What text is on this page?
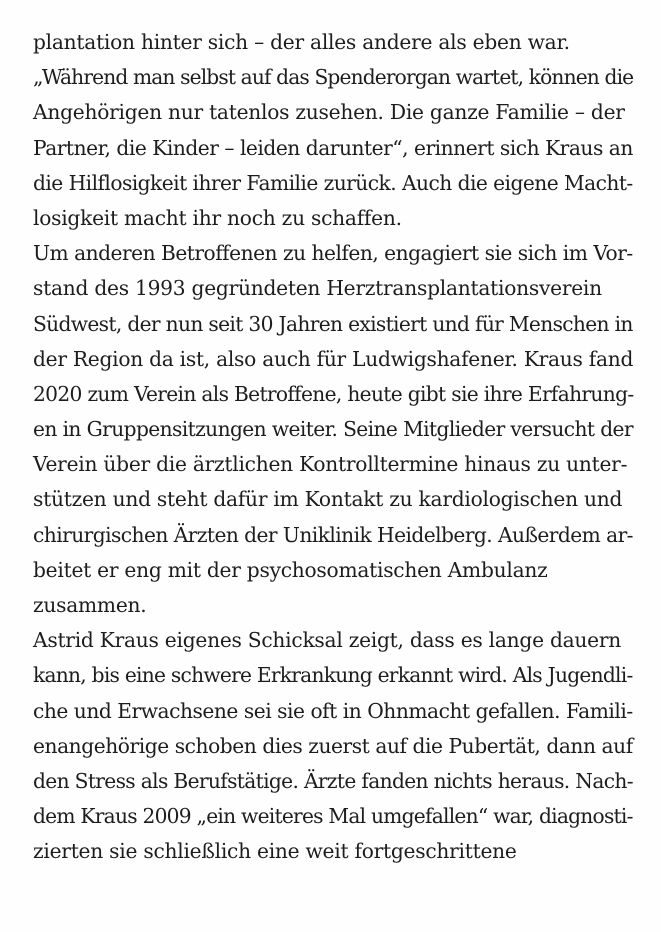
plantation hinter sich – der alles andere als eben war.
„Während man selbst auf das Spenderorgan wartet, können die
Angehörigen nur tatenlos zusehen. Die ganze Familie – der
Partner, die Kinder – leiden darunter“, erinnert sich Kraus an
die Hilflosigkeit ihrer Familie zurück. Auch die eigene Macht-
losigkeit macht ihr noch zu schaffen.
Um anderen Betroffenen zu helfen, engagiert sie sich im Vor-
stand des 1993 gegründeten Herztransplantationsverein
Südwest, der nun seit 30 Jahren existiert und für Menschen in
der Region da ist, also auch für Ludwigshafener. Kraus fand
2020 zum Verein als Betroffene, heute gibt sie ihre Erfahrung-
en in Gruppensitzungen weiter. Seine Mitglieder versucht der
Verein über die ärztlichen Kontrolltermine hinaus zu unter-
stützen und steht dafür im Kontakt zu kardiologischen und
chirurgischen Ärzten der Uniklinik Heidelberg. Außerdem ar-
beitet er eng mit der psychosomatischen Ambulanz
zusammen.
Astrid Kraus eigenes Schicksal zeigt, dass es lange dauern
kann, bis eine schwere Erkrankung erkannt wird. Als Jugendli-
che und Erwachsene sei sie oft in Ohnmacht gefallen. Famili-
enangehörige schoben dies zuerst auf die Pubertät, dann auf
den Stress als Berufstätige. Ärzte fanden nichts heraus. Nach-
dem Kraus 2009 „ein weiteres Mal umgefallen“ war, diagnosti-
zierten sie schließlich eine weit fortgeschrittene
